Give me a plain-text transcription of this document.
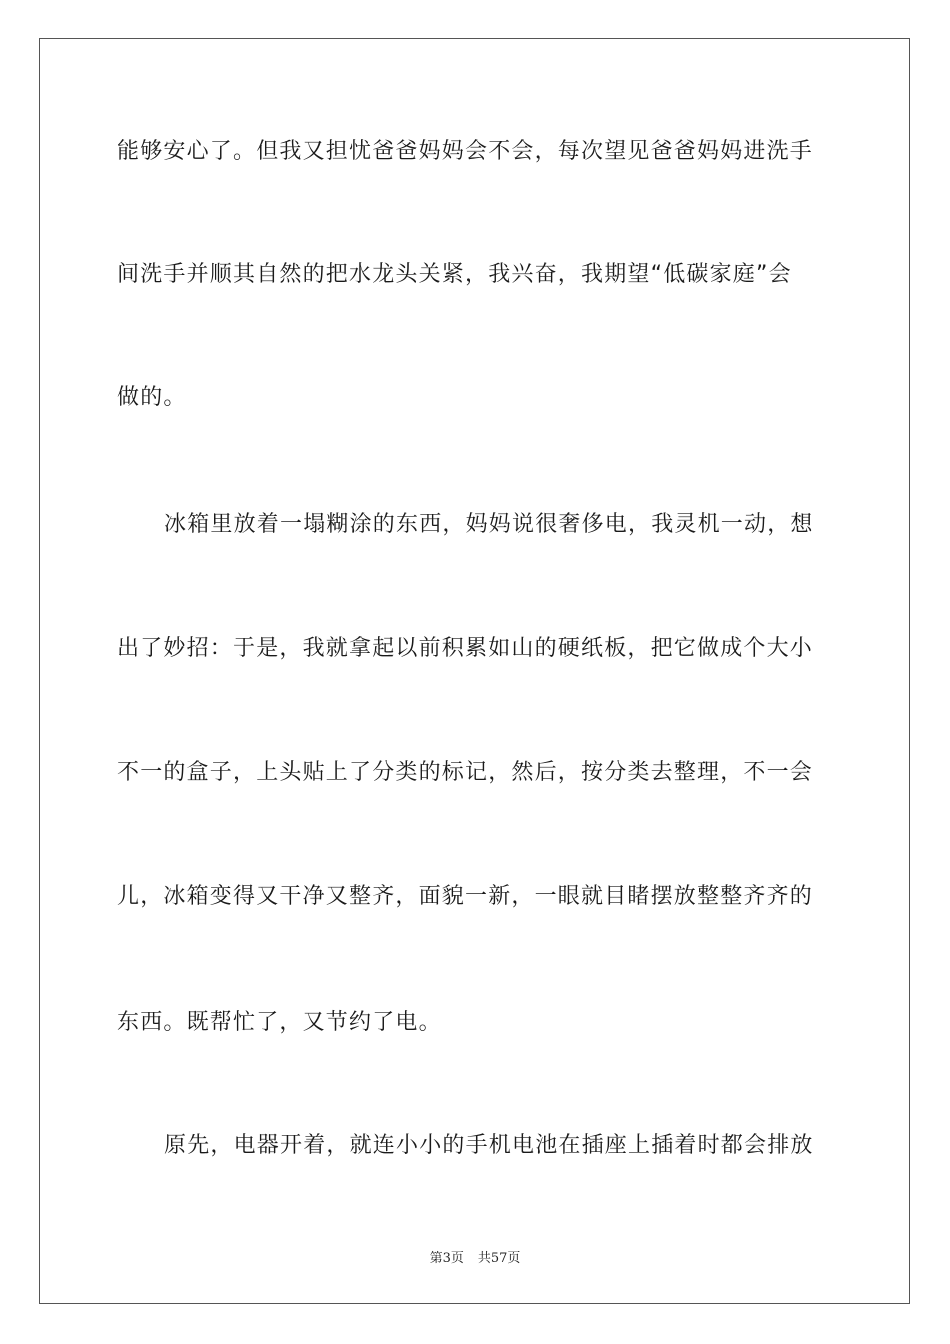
能够安心了。但我又担忧爸爸妈妈会不会，每次望见爸爸妈妈进洗手
间洗手并顺其自然的把水龙头关紧，我兴奋，我期望“低碳家庭”会
做的。
冰箱里放着一塌糊涂的东西，妈妈说很奢侈电，我灵机一动，想
出了妙招：于是，我就拿起以前积累如山的硬纸板，把它做成个大小
不一的盒子，上头贴上了分类的标记，然后，按分类去整理，不一会
儿，冰箱变得又干净又整齐，面貌一新，一眼就目睹摆放整整齐齐的
东西。既帮忙了，又节约了电。
原先，电器开着，就连小小的手机电池在插座上插着时都会排放
第3页 共57页
